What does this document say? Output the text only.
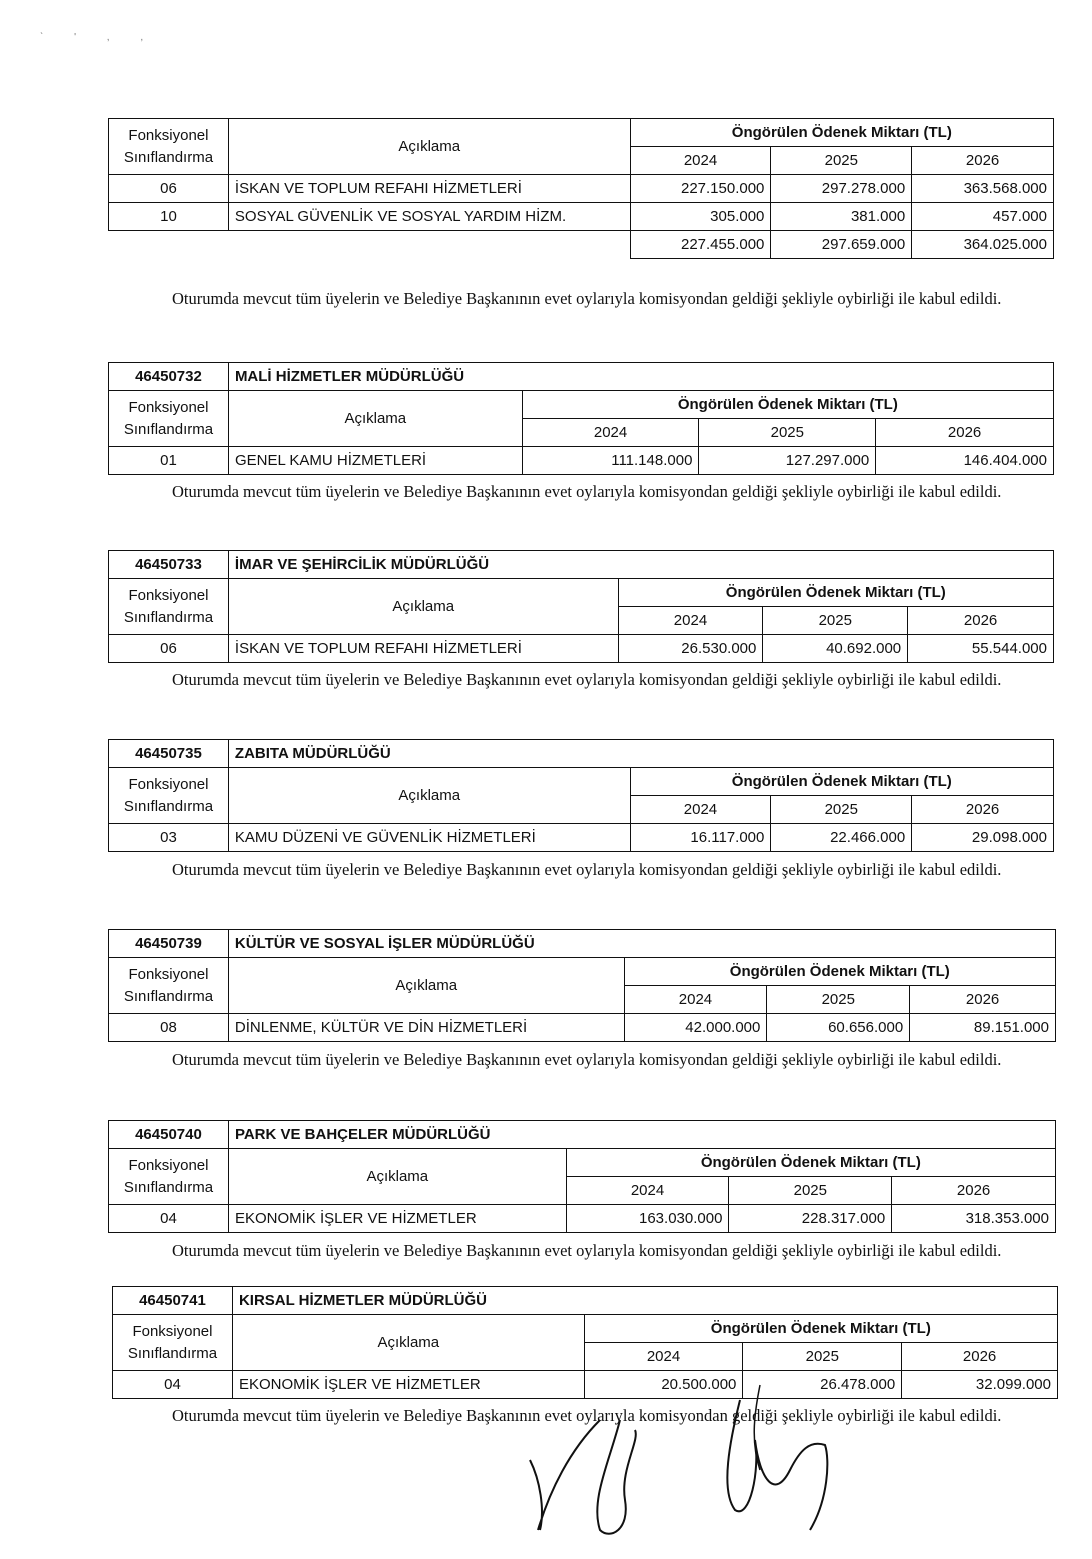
ˋ ' , ,
Fonksiyonel Sınıflandırma	Açıklama	Öngörülen Ödenek Miktarı (TL)		
		2024	2025	2026
06	İSKAN VE TOPLUM REFAHI HİZMETLERİ	227.150.000	297.278.000	363.568.000
10	SOSYAL GÜVENLİK VE SOSYAL YARDIM HİZM.	305.000	381.000	457.000
		227.455.000	297.659.000	364.025.000

Oturumda mevcut tüm üyelerin ve Belediye Başkanının evet oylarıyla komisyondan geldiği şekliyle oybirliği ile kabul edildi.

46450732	MALİ HİZMETLER MÜDÜRLÜĞÜ			
Fonksiyonel Sınıflandırma	Açıklama	Öngörülen Ödenek Miktarı (TL)		
		2024	2025	2026
01	GENEL KAMU HİZMETLERİ	111.148.000	127.297.000	146.404.000

Oturumda mevcut tüm üyelerin ve Belediye Başkanının evet oylarıyla komisyondan geldiği şekliyle oybirliği ile kabul edildi.

46450733	İMAR VE ŞEHİRCİLİK MÜDÜRLÜĞÜ			
Fonksiyonel Sınıflandırma	Açıklama	Öngörülen Ödenek Miktarı (TL)		
		2024	2025	2026
06	İSKAN VE TOPLUM REFAHI HİZMETLERİ	26.530.000	40.692.000	55.544.000

Oturumda mevcut tüm üyelerin ve Belediye Başkanının evet oylarıyla komisyondan geldiği şekliyle oybirliği ile kabul edildi.

46450735	ZABITA MÜDÜRLÜĞÜ			
Fonksiyonel Sınıflandırma	Açıklama	Öngörülen Ödenek Miktarı (TL)		
		2024	2025	2026
03	KAMU DÜZENİ VE GÜVENLİK HİZMETLERİ	16.117.000	22.466.000	29.098.000

Oturumda mevcut tüm üyelerin ve Belediye Başkanının evet oylarıyla komisyondan geldiği şekliyle oybirliği ile kabul edildi.

46450739	KÜLTÜR VE SOSYAL İŞLER MÜDÜRLÜĞÜ			
Fonksiyonel Sınıflandırma	Açıklama	Öngörülen Ödenek Miktarı (TL)		
		2024	2025	2026
08	DİNLENME, KÜLTÜR VE DİN HİZMETLERİ	42.000.000	60.656.000	89.151.000

Oturumda mevcut tüm üyelerin ve Belediye Başkanının evet oylarıyla komisyondan geldiği şekliyle oybirliği ile kabul edildi.

46450740	PARK VE BAHÇELER MÜDÜRLÜĞÜ			
Fonksiyonel Sınıflandırma	Açıklama	Öngörülen Ödenek Miktarı (TL)		
		2024	2025	2026
04	EKONOMİK İŞLER VE HİZMETLER	163.030.000	228.317.000	318.353.000

Oturumda mevcut tüm üyelerin ve Belediye Başkanının evet oylarıyla komisyondan geldiği şekliyle oybirliği ile kabul edildi.

46450741	KIRSAL HİZMETLER MÜDÜRLÜĞÜ			
Fonksiyonel Sınıflandırma	Açıklama	Öngörülen Ödenek Miktarı (TL)		
		2024	2025	2026
04	EKONOMİK İŞLER VE HİZMETLER	20.500.000	26.478.000	32.099.000

Oturumda mevcut tüm üyelerin ve Belediye Başkanının evet oylarıyla komisyondan geldiği şekliyle oybirliği ile kabul edildi.
